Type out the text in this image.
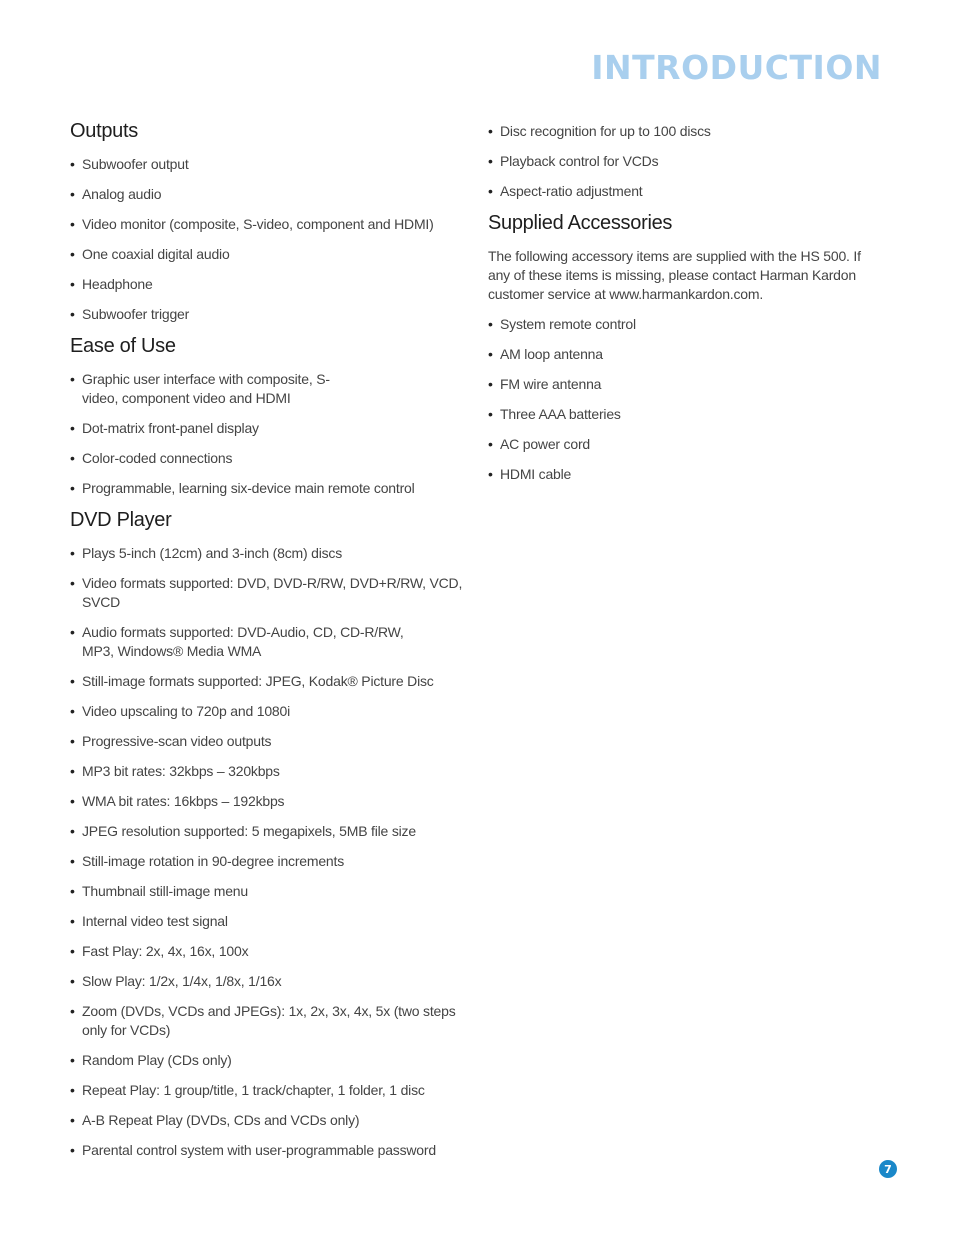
INTRODUCTION
Outputs
• Subwoofer output
• Analog audio
• Video monitor (composite, S-video, component and HDMI)
• One coaxial digital audio
• Headphone
• Subwoofer trigger
Ease of Use
• Graphic user interface with composite, S-video, component video and HDMI
• Dot-matrix front-panel display
• Color-coded connections
• Programmable, learning six-device main remote control
DVD Player
• Plays 5-inch (12cm) and 3-inch (8cm) discs
• Video formats supported: DVD, DVD-R/RW, DVD+R/RW, VCD, SVCD
• Audio formats supported: DVD-Audio, CD, CD-R/RW, MP3, Windows® Media WMA
• Still-image formats supported: JPEG, Kodak® Picture Disc
• Video upscaling to 720p and 1080i
• Progressive-scan video outputs
• MP3 bit rates: 32kbps – 320kbps
• WMA bit rates: 16kbps – 192kbps
• JPEG resolution supported: 5 megapixels, 5MB file size
• Still-image rotation in 90-degree increments
• Thumbnail still-image menu
• Internal video test signal
• Fast Play: 2x, 4x, 16x, 100x
• Slow Play: 1/2x, 1/4x, 1/8x, 1/16x
• Zoom (DVDs, VCDs and JPEGs): 1x, 2x, 3x, 4x, 5x (two steps only for VCDs)
• Random Play (CDs only)
• Repeat Play: 1 group/title, 1 track/chapter, 1 folder, 1 disc
• A-B Repeat Play (DVDs, CDs and VCDs only)
• Parental control system with user-programmable password
• Disc recognition for up to 100 discs
• Playback control for VCDs
• Aspect-ratio adjustment
Supplied Accessories

The following accessory items are supplied with the HS 500. If any of these items is missing, please contact Harman Kardon customer service at www.harmankardon.com.

• System remote control
• AM loop antenna
• FM wire antenna
• Three AAA batteries
• AC power cord
• HDMI cable
7
